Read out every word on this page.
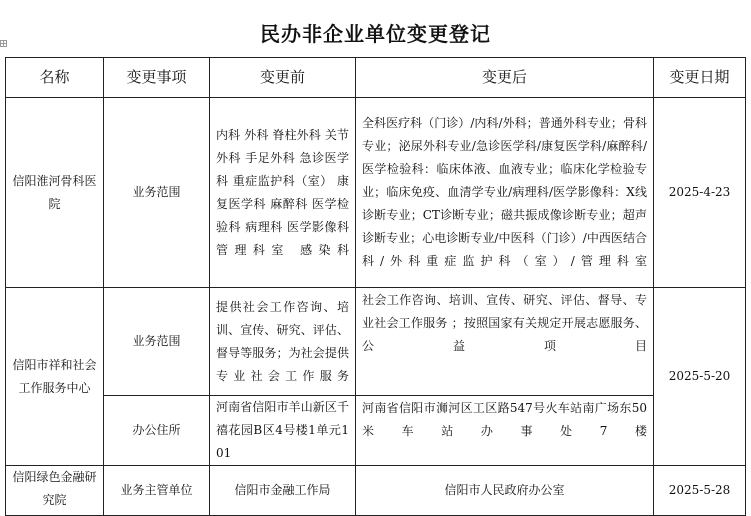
民办非企业单位变更登记
名称	变更事项	变更前	变更后	变更日期
信阳淮河骨科医院	业务范围	内科 外科 脊柱外科 关节外科 手足外科 急诊医学科 重症监护科（室） 康复医学科 麻醉科 医学检验科 病理科 医学影像科 管理科室 感染科	全科医疗科（门诊）/内科/外科；普通外科专业；骨科专业；泌尿外科专业/急诊医学科/康复医学科/麻醉科/医学检验科：临床体液、血液专业；临床化学检验专业；临床免疫、血清学专业/病理科/医学影像科：X线诊断专业；CT诊断专业；磁共振成像诊断专业；超声诊断专业；心电诊断专业/中医科（门诊）/中西医结合科/外科重症监护科（室）/管理科室	2025-4-23
信阳市祥和社会工作服务中心	业务范围	提供社会工作咨询、培训、宣传、研究、评估、督导等服务；为社会提供专业社会工作服务	社会工作咨询、培训、宣传、研究、评估、督导、专业社会工作服务 ；按照国家有关规定开展志愿服务、公益项目	2025-5-20
	办公住所	河南省信阳市羊山新区千禧花园B区4号楼1单元101	河南省信阳市浉河区工区路547号火车站南广场东50米车站办事处7楼	
信阳绿色金融研究院	业务主管单位	信阳市金融工作局	信阳市人民政府办公室	2025-5-28
